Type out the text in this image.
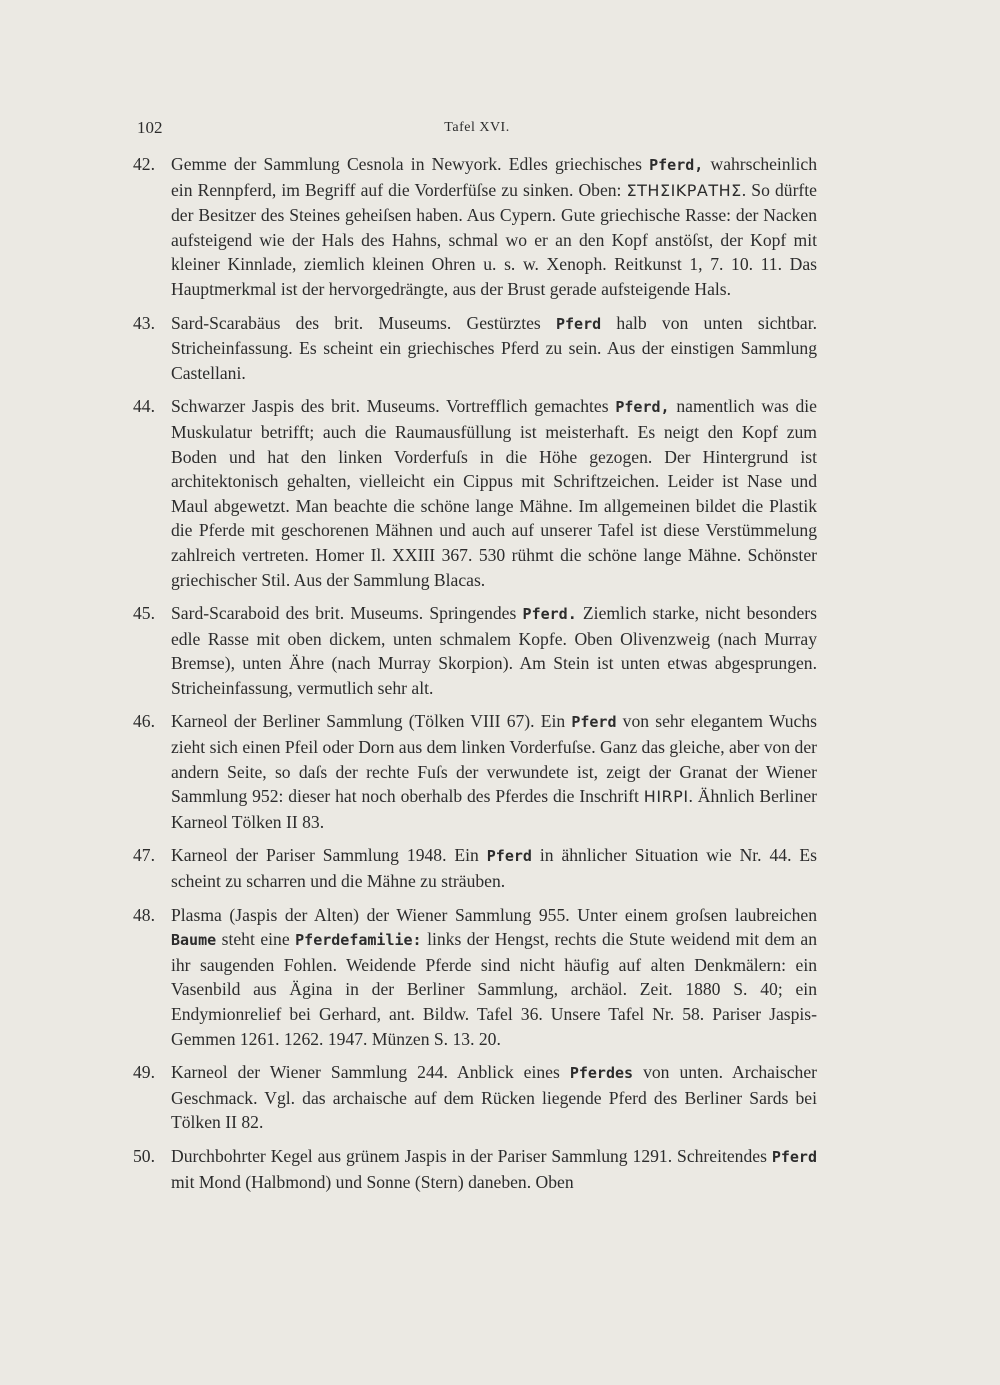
102	Tafel XVI.
42. Gemme der Sammlung Cesnola in Newyork. Edles griechisches Pferd, wahrscheinlich ein Rennpferd, im Begriff auf die Vorderfüſse zu sinken. Oben: ΣΤΗΣΙΚΡΑΤΗΣ. So dürfte der Besitzer des Steines geheiſsen haben. Aus Cypern. Gute griechische Rasse: der Nacken aufsteigend wie der Hals des Hahns, schmal wo er an den Kopf anstöſst, der Kopf mit kleiner Kinnlade, ziemlich kleinen Ohren u. s. w. Xenoph. Reitkunst 1, 7. 10. 11. Das Hauptmerkmal ist der hervorgedrängte, aus der Brust gerade aufsteigende Hals.
43. Sard-Scarabäus des brit. Museums. Gestürztes Pferd halb von unten sichtbar. Stricheinfassung. Es scheint ein griechisches Pferd zu sein. Aus der einstigen Sammlung Castellani.
44. Schwarzer Jaspis des brit. Museums. Vortrefflich gemachtes Pferd, namentlich was die Muskulatur betrifft; auch die Raumausfüllung ist meisterhaft. Es neigt den Kopf zum Boden und hat den linken Vorderfuſs in die Höhe gezogen. Der Hintergrund ist architektonisch gehalten, vielleicht ein Cippus mit Schriftzeichen. Leider ist Nase und Maul abgewetzt. Man beachte die schöne lange Mähne. Im allgemeinen bildet die Plastik die Pferde mit geschorenen Mähnen und auch auf unserer Tafel ist diese Verstümmelung zahlreich vertreten. Homer Il. XXIII 367. 530 rühmt die schöne lange Mähne. Schönster griechischer Stil. Aus der Sammlung Blacas.
45. Sard-Scaraboid des brit. Museums. Springendes Pferd. Ziemlich starke, nicht besonders edle Rasse mit oben dickem, unten schmalem Kopfe. Oben Olivenzweig (nach Murray Bremse), unten Ähre (nach Murray Skorpion). Am Stein ist unten etwas abgesprungen. Stricheinfassung, vermutlich sehr alt.
46. Karneol der Berliner Sammlung (Tölken VIII 67). Ein Pferd von sehr elegantem Wuchs zieht sich einen Pfeil oder Dorn aus dem linken Vorderfuſse. Ganz das gleiche, aber von der andern Seite, so daſs der rechte Fuſs der verwundete ist, zeigt der Granat der Wiener Sammlung 952: dieser hat noch oberhalb des Pferdes die Inschrift HIRPI. Ähnlich Berliner Karneol Tölken II 83.
47. Karneol der Pariser Sammlung 1948. Ein Pferd in ähnlicher Situation wie Nr. 44. Es scheint zu scharren und die Mähne zu sträuben.
48. Plasma (Jaspis der Alten) der Wiener Sammlung 955. Unter einem groſsen laubreichen Baume steht eine Pferdefamilie: links der Hengst, rechts die Stute weidend mit dem an ihr saugenden Fohlen. Weidende Pferde sind nicht häufig auf alten Denkmälern: ein Vasenbild aus Ägina in der Berliner Sammlung, archäol. Zeit. 1880 S. 40; ein Endymionrelief bei Gerhard, ant. Bildw. Tafel 36. Unsere Tafel Nr. 58. Pariser Jaspis-Gemmen 1261. 1262. 1947. Münzen S. 13. 20.
49. Karneol der Wiener Sammlung 244. Anblick eines Pferdes von unten. Archaischer Geschmack. Vgl. das archaische auf dem Rücken liegende Pferd des Berliner Sards bei Tölken II 82.
50. Durchbohrter Kegel aus grünem Jaspis in der Pariser Sammlung 1291. Schreitendes Pferd mit Mond (Halbmond) und Sonne (Stern) daneben. Oben
